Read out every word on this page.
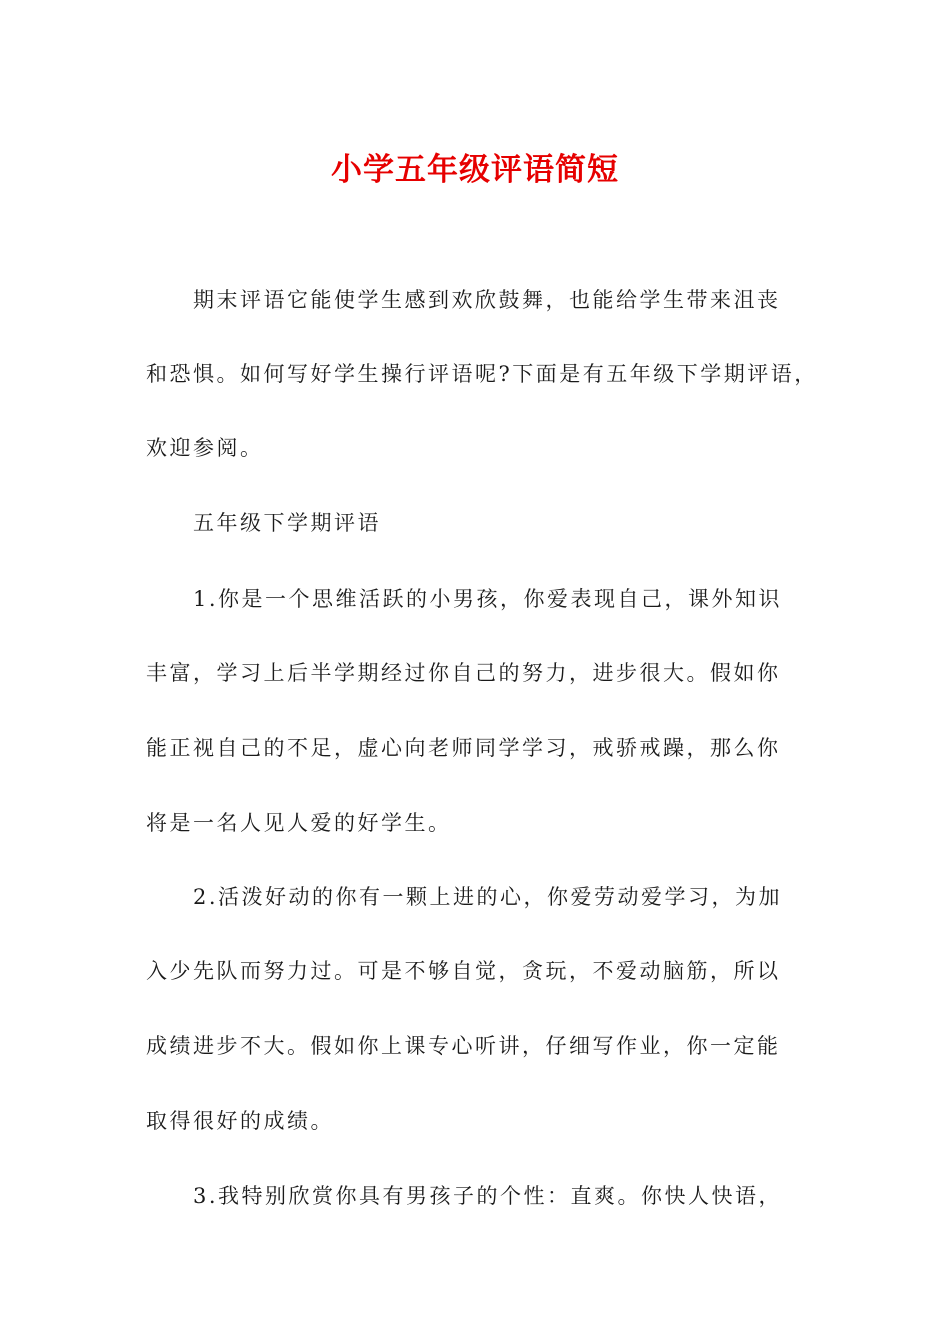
小学五年级评语简短
期末评语它能使学生感到欢欣鼓舞，也能给学生带来沮丧
和恐惧。如何写好学生操行评语呢?下面是有五年级下学期评语，
欢迎参阅。
五年级下学期评语
1.你是一个思维活跃的小男孩，你爱表现自己，课外知识
丰富，学习上后半学期经过你自己的努力，进步很大。假如你
能正视自己的不足，虚心向老师同学学习，戒骄戒躁，那么你
将是一名人见人爱的好学生。
2.活泼好动的你有一颗上进的心，你爱劳动爱学习，为加
入少先队而努力过。可是不够自觉，贪玩，不爱动脑筋，所以
成绩进步不大。假如你上课专心听讲，仔细写作业，你一定能
取得很好的成绩。
3.我特别欣赏你具有男孩子的个性：直爽。你快人快语，
